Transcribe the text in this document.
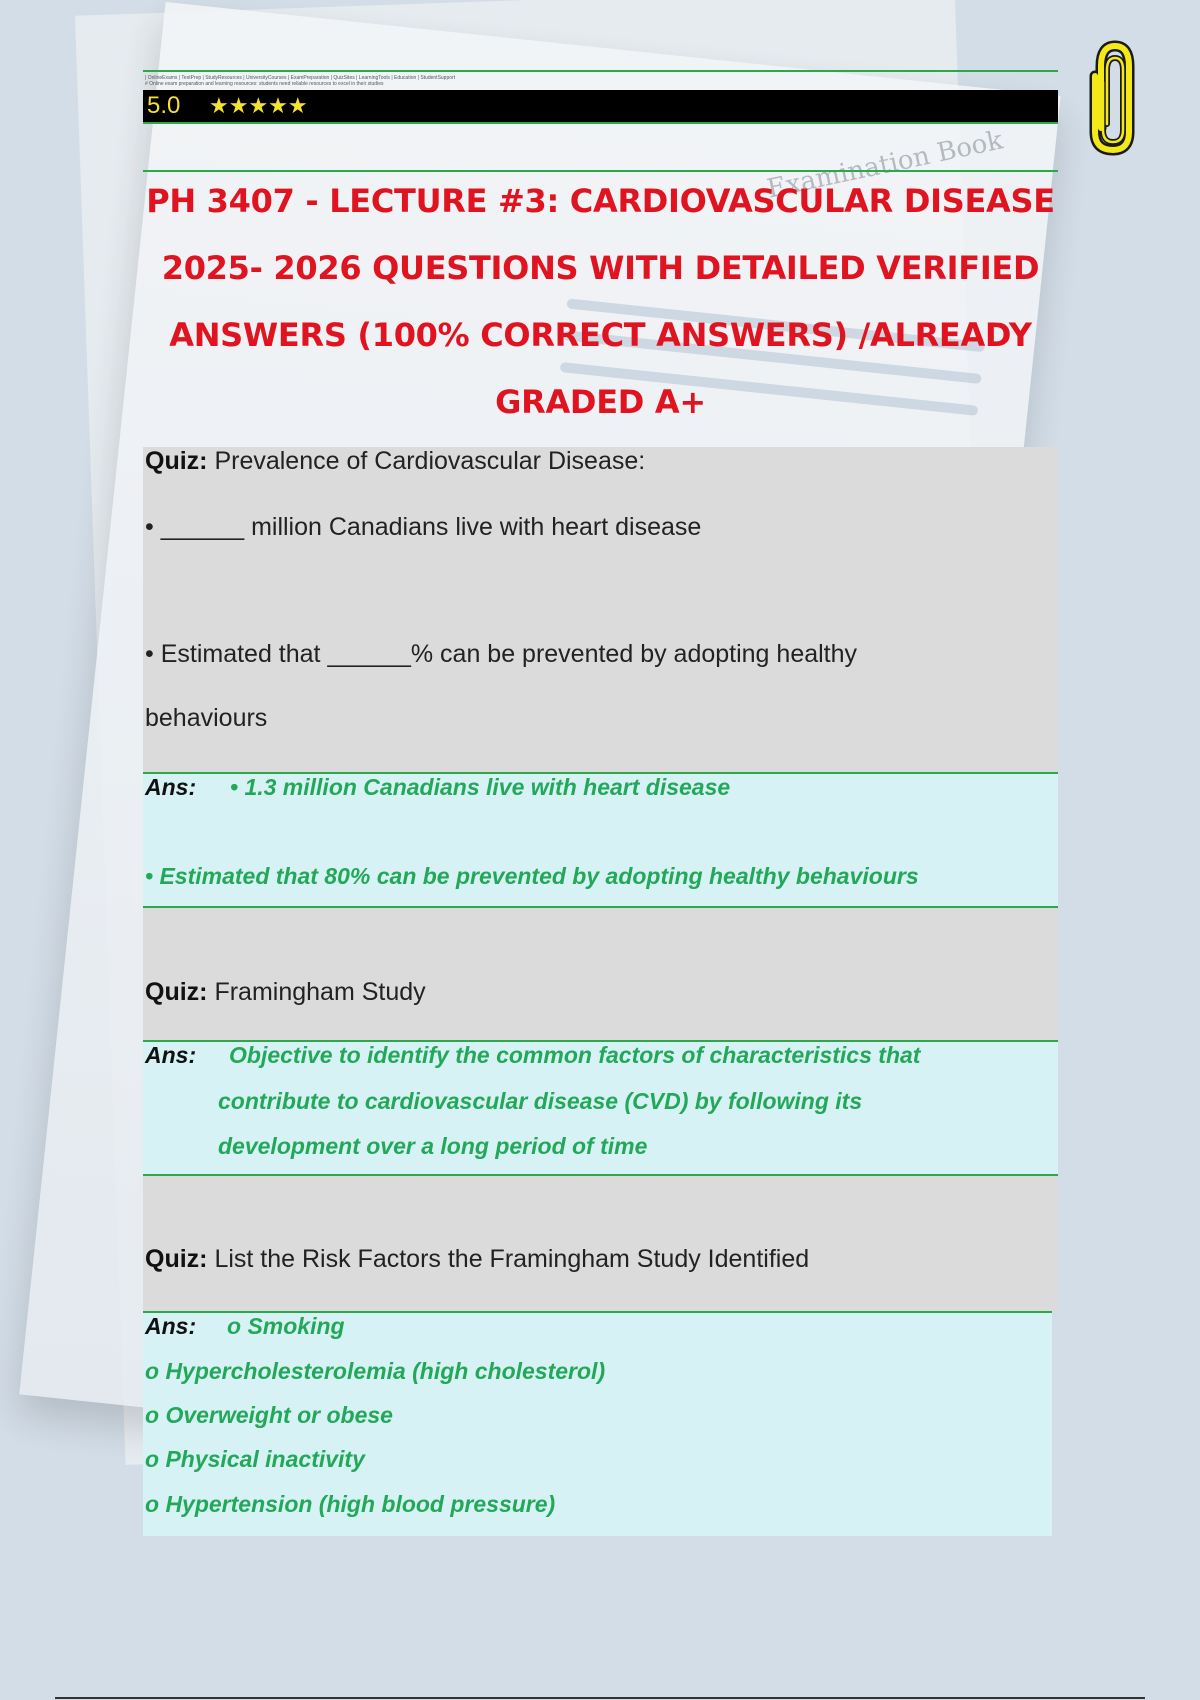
Examination Book
| OnlineExams | TestPrep | StudyResources | UniversityCourses | ExamPreparation | QuizSites | LearningTools | Education | StudentSupport
# Online exam preparation and learning resources: students need reliable resources to excel in their studies
5.0	★★★★★
PH 3407 - LECTURE #3: CARDIOVASCULAR DISEASE
2025- 2026 QUESTIONS WITH DETAILED VERIFIED
ANSWERS (100% CORRECT ANSWERS) /ALREADY
GRADED A+
Quiz: Prevalence of Cardiovascular Disease:
• ______ million Canadians live with heart disease
• Estimated that ______% can be prevented by adopting healthy
behaviours
Ans: • 1.3 million Canadians live with heart disease
• Estimated that 80% can be prevented by adopting healthy behaviours
Quiz: Framingham Study
Ans: Objective to identify the common factors of characteristics that
contribute to cardiovascular disease (CVD) by following its
development over a long period of time
Quiz: List the Risk Factors the Framingham Study Identified
Ans: o Smoking
o Hypercholesterolemia (high cholesterol)
o Overweight or obese
o Physical inactivity
o Hypertension (high blood pressure)
